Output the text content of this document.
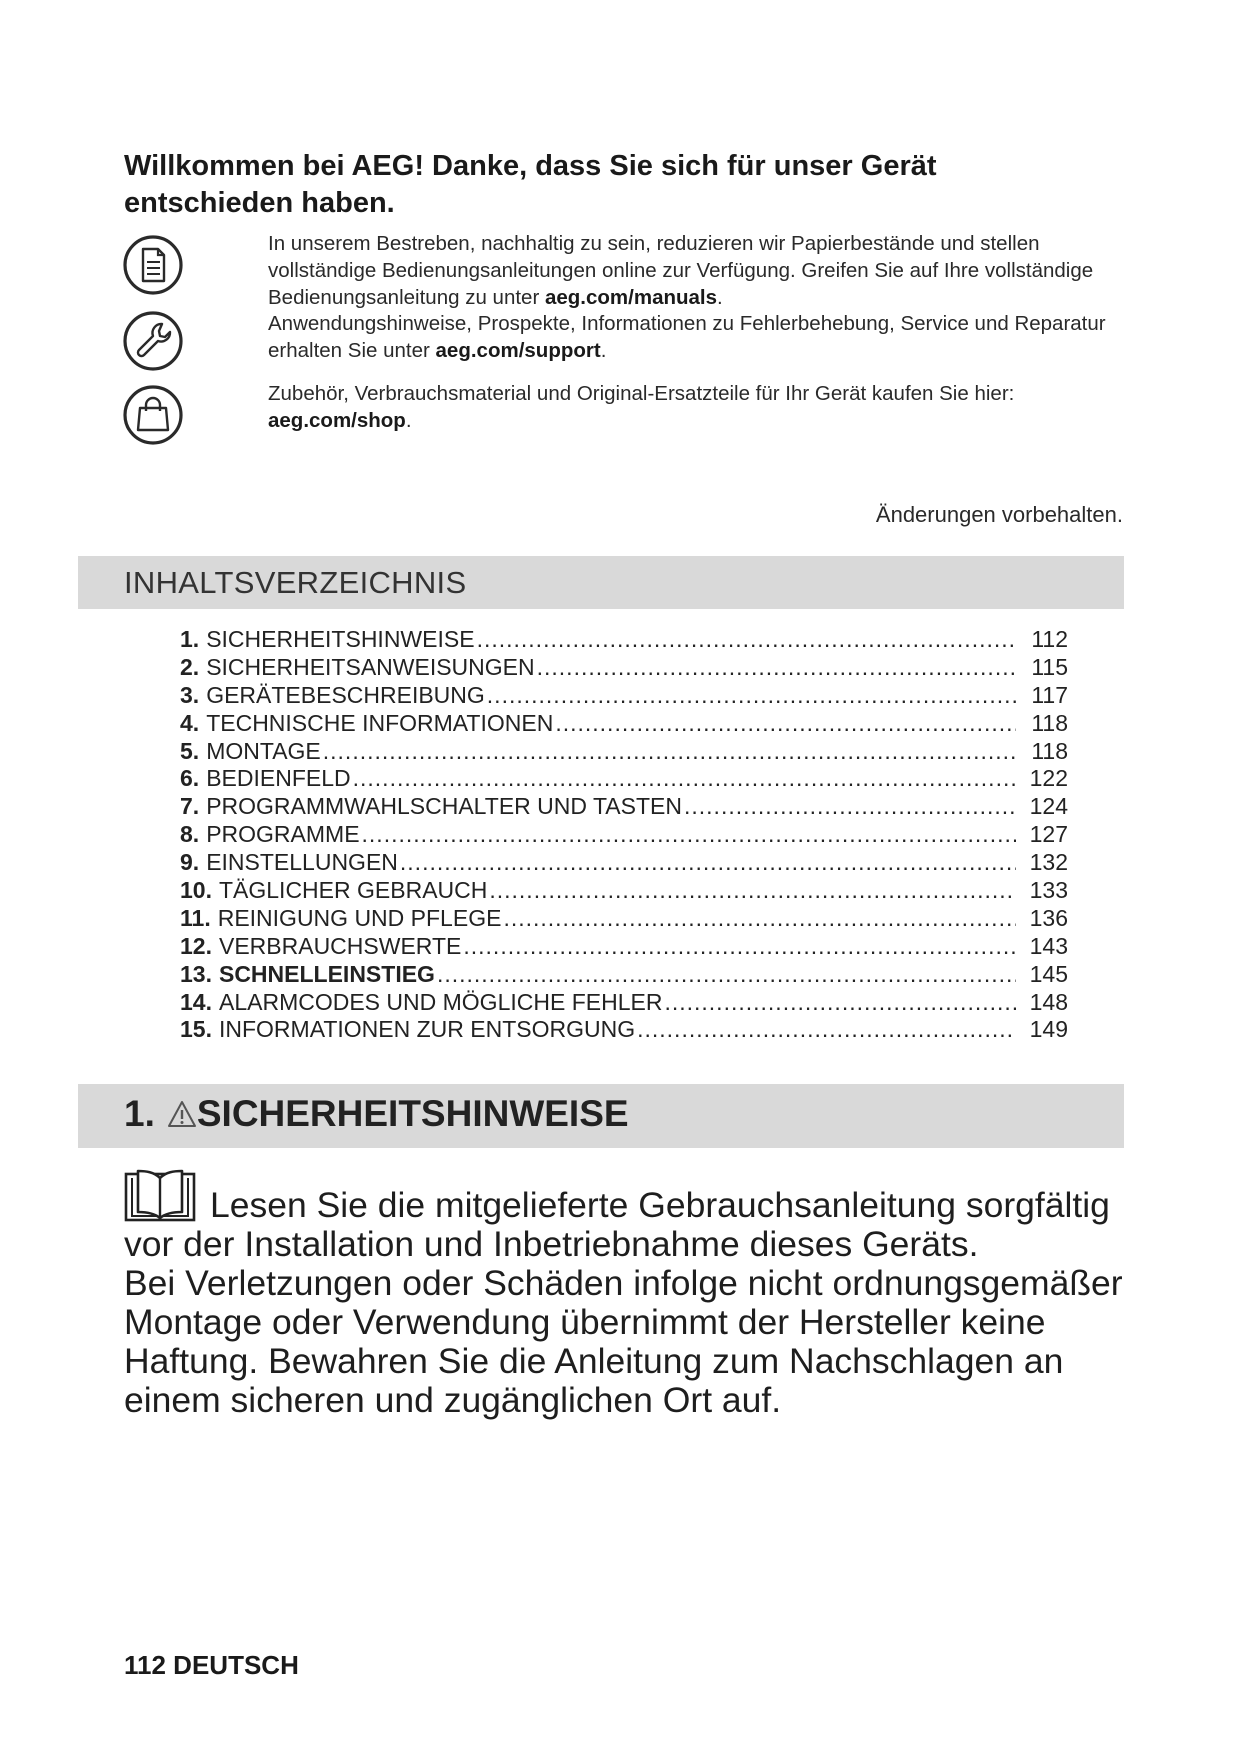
Willkommen bei AEG! Danke, dass Sie sich für unser Gerät entschieden haben.
In unserem Bestreben, nachhaltig zu sein, reduzieren wir Papierbestände und stellen vollständige Bedienungsanleitungen online zur Verfügung. Greifen Sie auf Ihre vollständige Bedienungsanleitung zu unter aeg.com/manuals.
Anwendungshinweise, Prospekte, Informationen zu Fehlerbehebung, Service und Reparatur erhalten Sie unter aeg.com/support.
Zubehör, Verbrauchsmaterial und Original-Ersatzteile für Ihr Gerät kaufen Sie hier: aeg.com/shop.
Änderungen vorbehalten.
INHALTSVERZEICHNIS
1. SICHERHEITSHINWEISE .....	112
2. SICHERHEITSANWEISUNGEN .....	115
3. GERÄTEBESCHREIBUNG .....	117
4. TECHNISCHE INFORMATIONEN .....	118
5. MONTAGE .....	118
6. BEDIENFELD .....	122
7. PROGRAMMWAHLSCHALTER UND TASTEN .....	124
8. PROGRAMME .....	127
9. EINSTELLUNGEN .....	132
10. TÄGLICHER GEBRAUCH .....	133
11. REINIGUNG UND PFLEGE .....	136
12. VERBRAUCHSWERTE .....	143
13. SCHNELLEINSTIEG .....	145
14. ALARMCODES UND MÖGLICHE FEHLER .....	148
15. INFORMATIONEN ZUR ENTSORGUNG .....	149
1. SICHERHEITSHINWEISE

Lesen Sie die mitgelieferte Gebrauchsanleitung sorgfältig vor der Installation und Inbetriebnahme dieses Geräts.
Bei Verletzungen oder Schäden infolge nicht ordnungsgemäßer Montage oder Verwendung übernimmt der Hersteller keine Haftung. Bewahren Sie die Anleitung zum Nachschlagen an einem sicheren und zugänglichen Ort auf.

112 DEUTSCH
